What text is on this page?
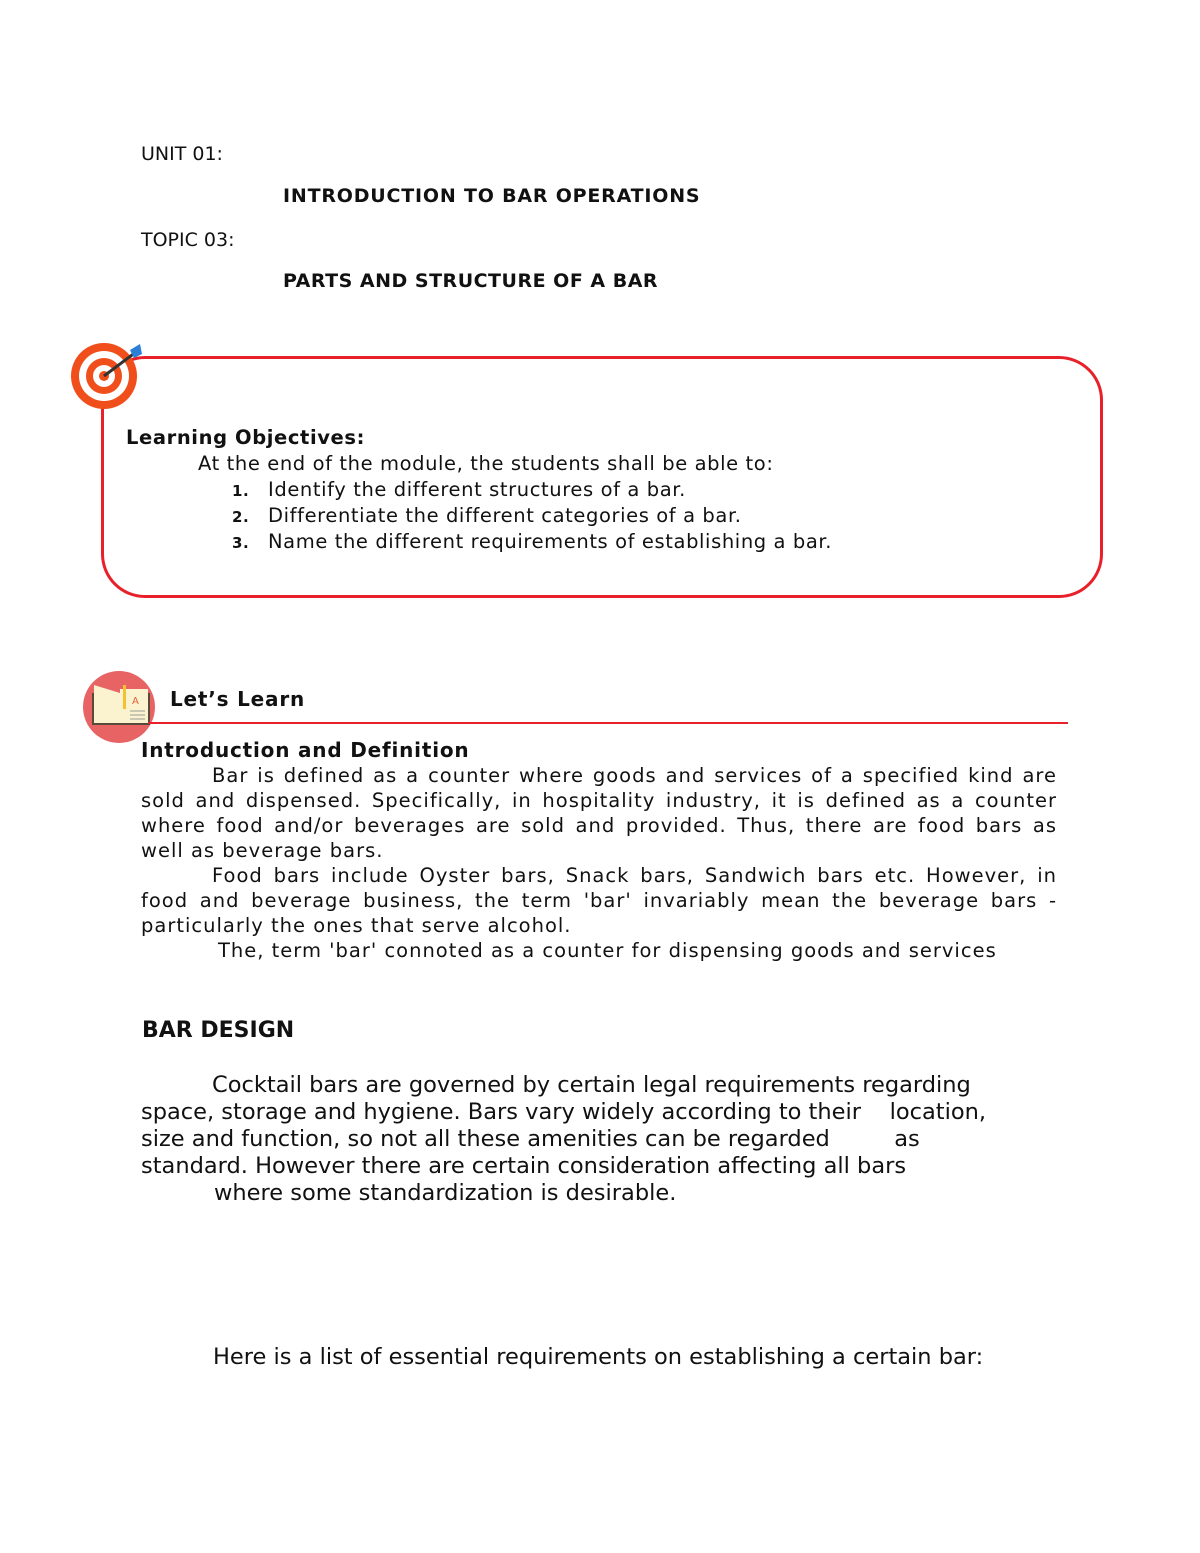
UNIT 01:
INTRODUCTION TO BAR OPERATIONS
TOPIC 03:
PARTS AND STRUCTURE OF A BAR
Learning Objectives:
At the end of the module, the students shall be able to:
1. Identify the different structures of a bar.
2. Differentiate the different categories of a bar.
3. Name the different requirements of establishing a bar.
A Let’s Learn
Introduction and Definition
Bar is defined as a counter where goods and services of a specified kind are sold and dispensed. Specifically, in hospitality industry, it is defined as a counter where food and/or beverages are sold and provided. Thus, there are food bars as well as beverage bars.
Food bars include Oyster bars, Snack bars, Sandwich bars etc. However, in food and beverage business, the term 'bar' invariably mean the beverage bars - particularly the ones that serve alcohol.
The, term 'bar' connoted as a counter for dispensing goods and services
BAR DESIGN
Cocktail bars are governed by certain legal requirements regarding
space, storage and hygiene. Bars vary widely according to their    location,
size and function, so not all these amenities can be regarded         as
standard. However there are certain consideration affecting all bars
where some standardization is desirable.
Here is a list of essential requirements on establishing a certain bar:
